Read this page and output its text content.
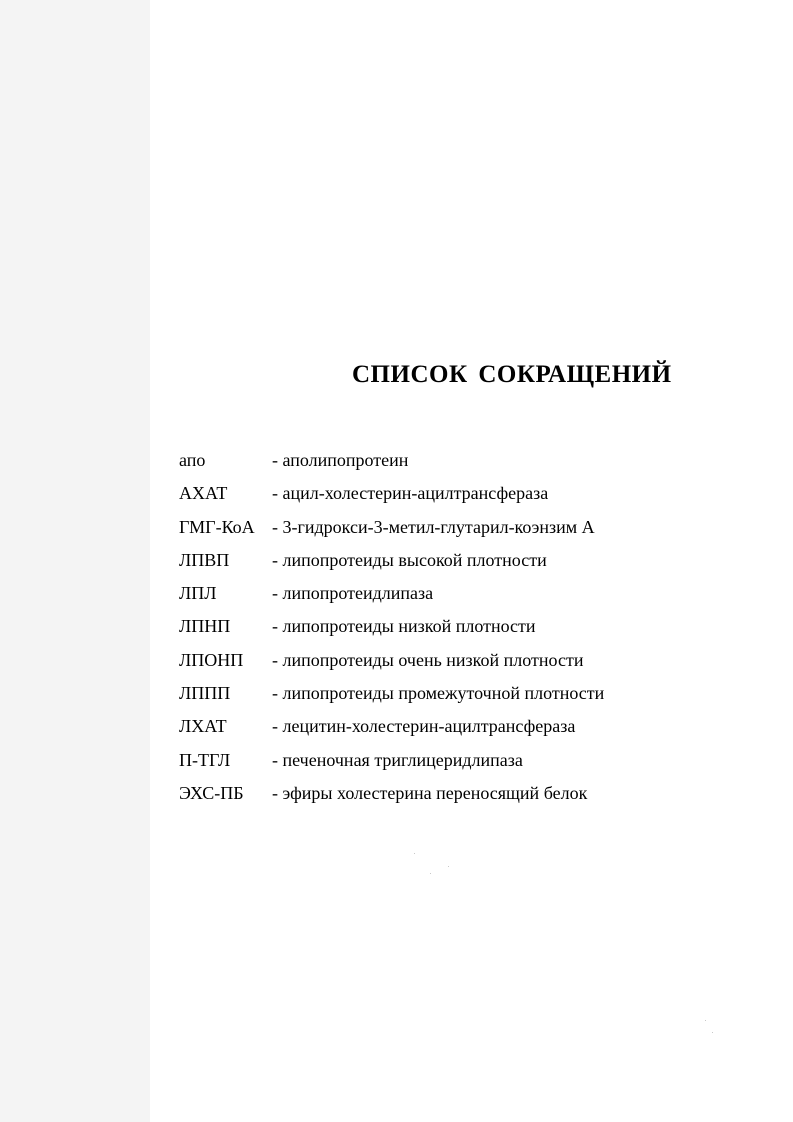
СПИСОК СОКРАЩЕНИЙ
апо	- аполипопротеин
АХАТ - ацил-холестерин-ацилтрансфераза
ГМГ-КоА - 3-гидрокси-3-метил-глутарил-коэнзим А
ЛПВП - липопротеиды высокой плотности
ЛПЛ	- липопротеидлипаза
ЛПНП - липопротеиды низкой плотности
ЛПОНП - липопротеиды очень низкой плотности
ЛППП - липопротеиды промежуточной плотности
ЛХАТ	- лецитин-холестерин-ацилтрансфераза
П-ТГЛ - печеночная триглицеридлипаза
ЭХС-ПБ - эфиры холестерина переносящий белок
